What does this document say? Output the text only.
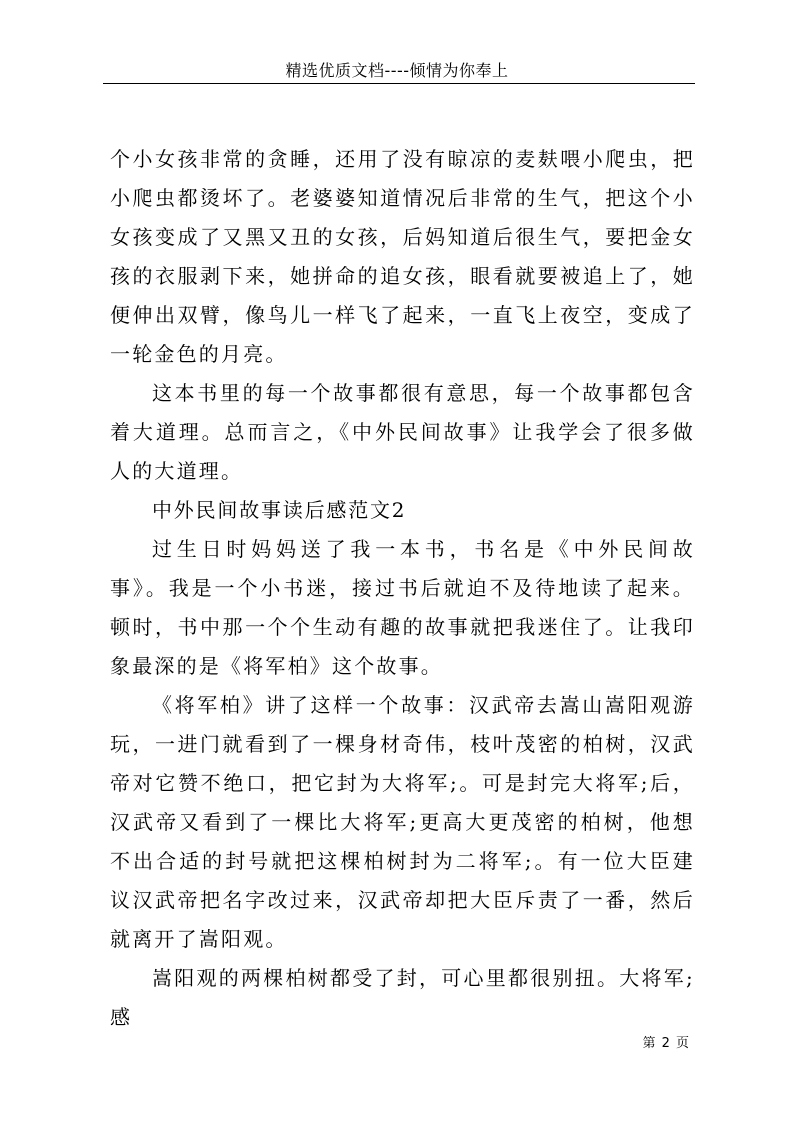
精选优质文档----倾情为你奉上

个小女孩非常的贪睡，还用了没有晾凉的麦麸喂小爬虫，把小爬虫都烫坏了。老婆婆知道情况后非常的生气，把这个小女孩变成了又黑又丑的女孩，后妈知道后很生气，要把金女孩的衣服剥下来，她拼命的追女孩，眼看就要被追上了，她便伸出双臂，像鸟儿一样飞了起来，一直飞上夜空，变成了一轮金色的月亮。

这本书里的每一个故事都很有意思，每一个故事都包含着大道理。总而言之，《中外民间故事》让我学会了很多做人的大道理。

中外民间故事读后感范文2

过生日时妈妈送了我一本书，书名是《中外民间故事》。我是一个小书迷，接过书后就迫不及待地读了起来。顿时，书中那一个个生动有趣的故事就把我迷住了。让我印象最深的是《将军柏》这个故事。

《将军柏》讲了这样一个故事：汉武帝去嵩山嵩阳观游玩，一进门就看到了一棵身材奇伟，枝叶茂密的柏树，汉武帝对它赞不绝口，把它封为大将军;。可是封完大将军;后，汉武帝又看到了一棵比大将军;更高大更茂密的柏树，他想不出合适的封号就把这棵柏树封为二将军;。有一位大臣建议汉武帝把名字改过来，汉武帝却把大臣斥责了一番，然后就离开了嵩阳观。

嵩阳观的两棵柏树都受了封，可心里都很别扭。大将军;感

第 2 页
